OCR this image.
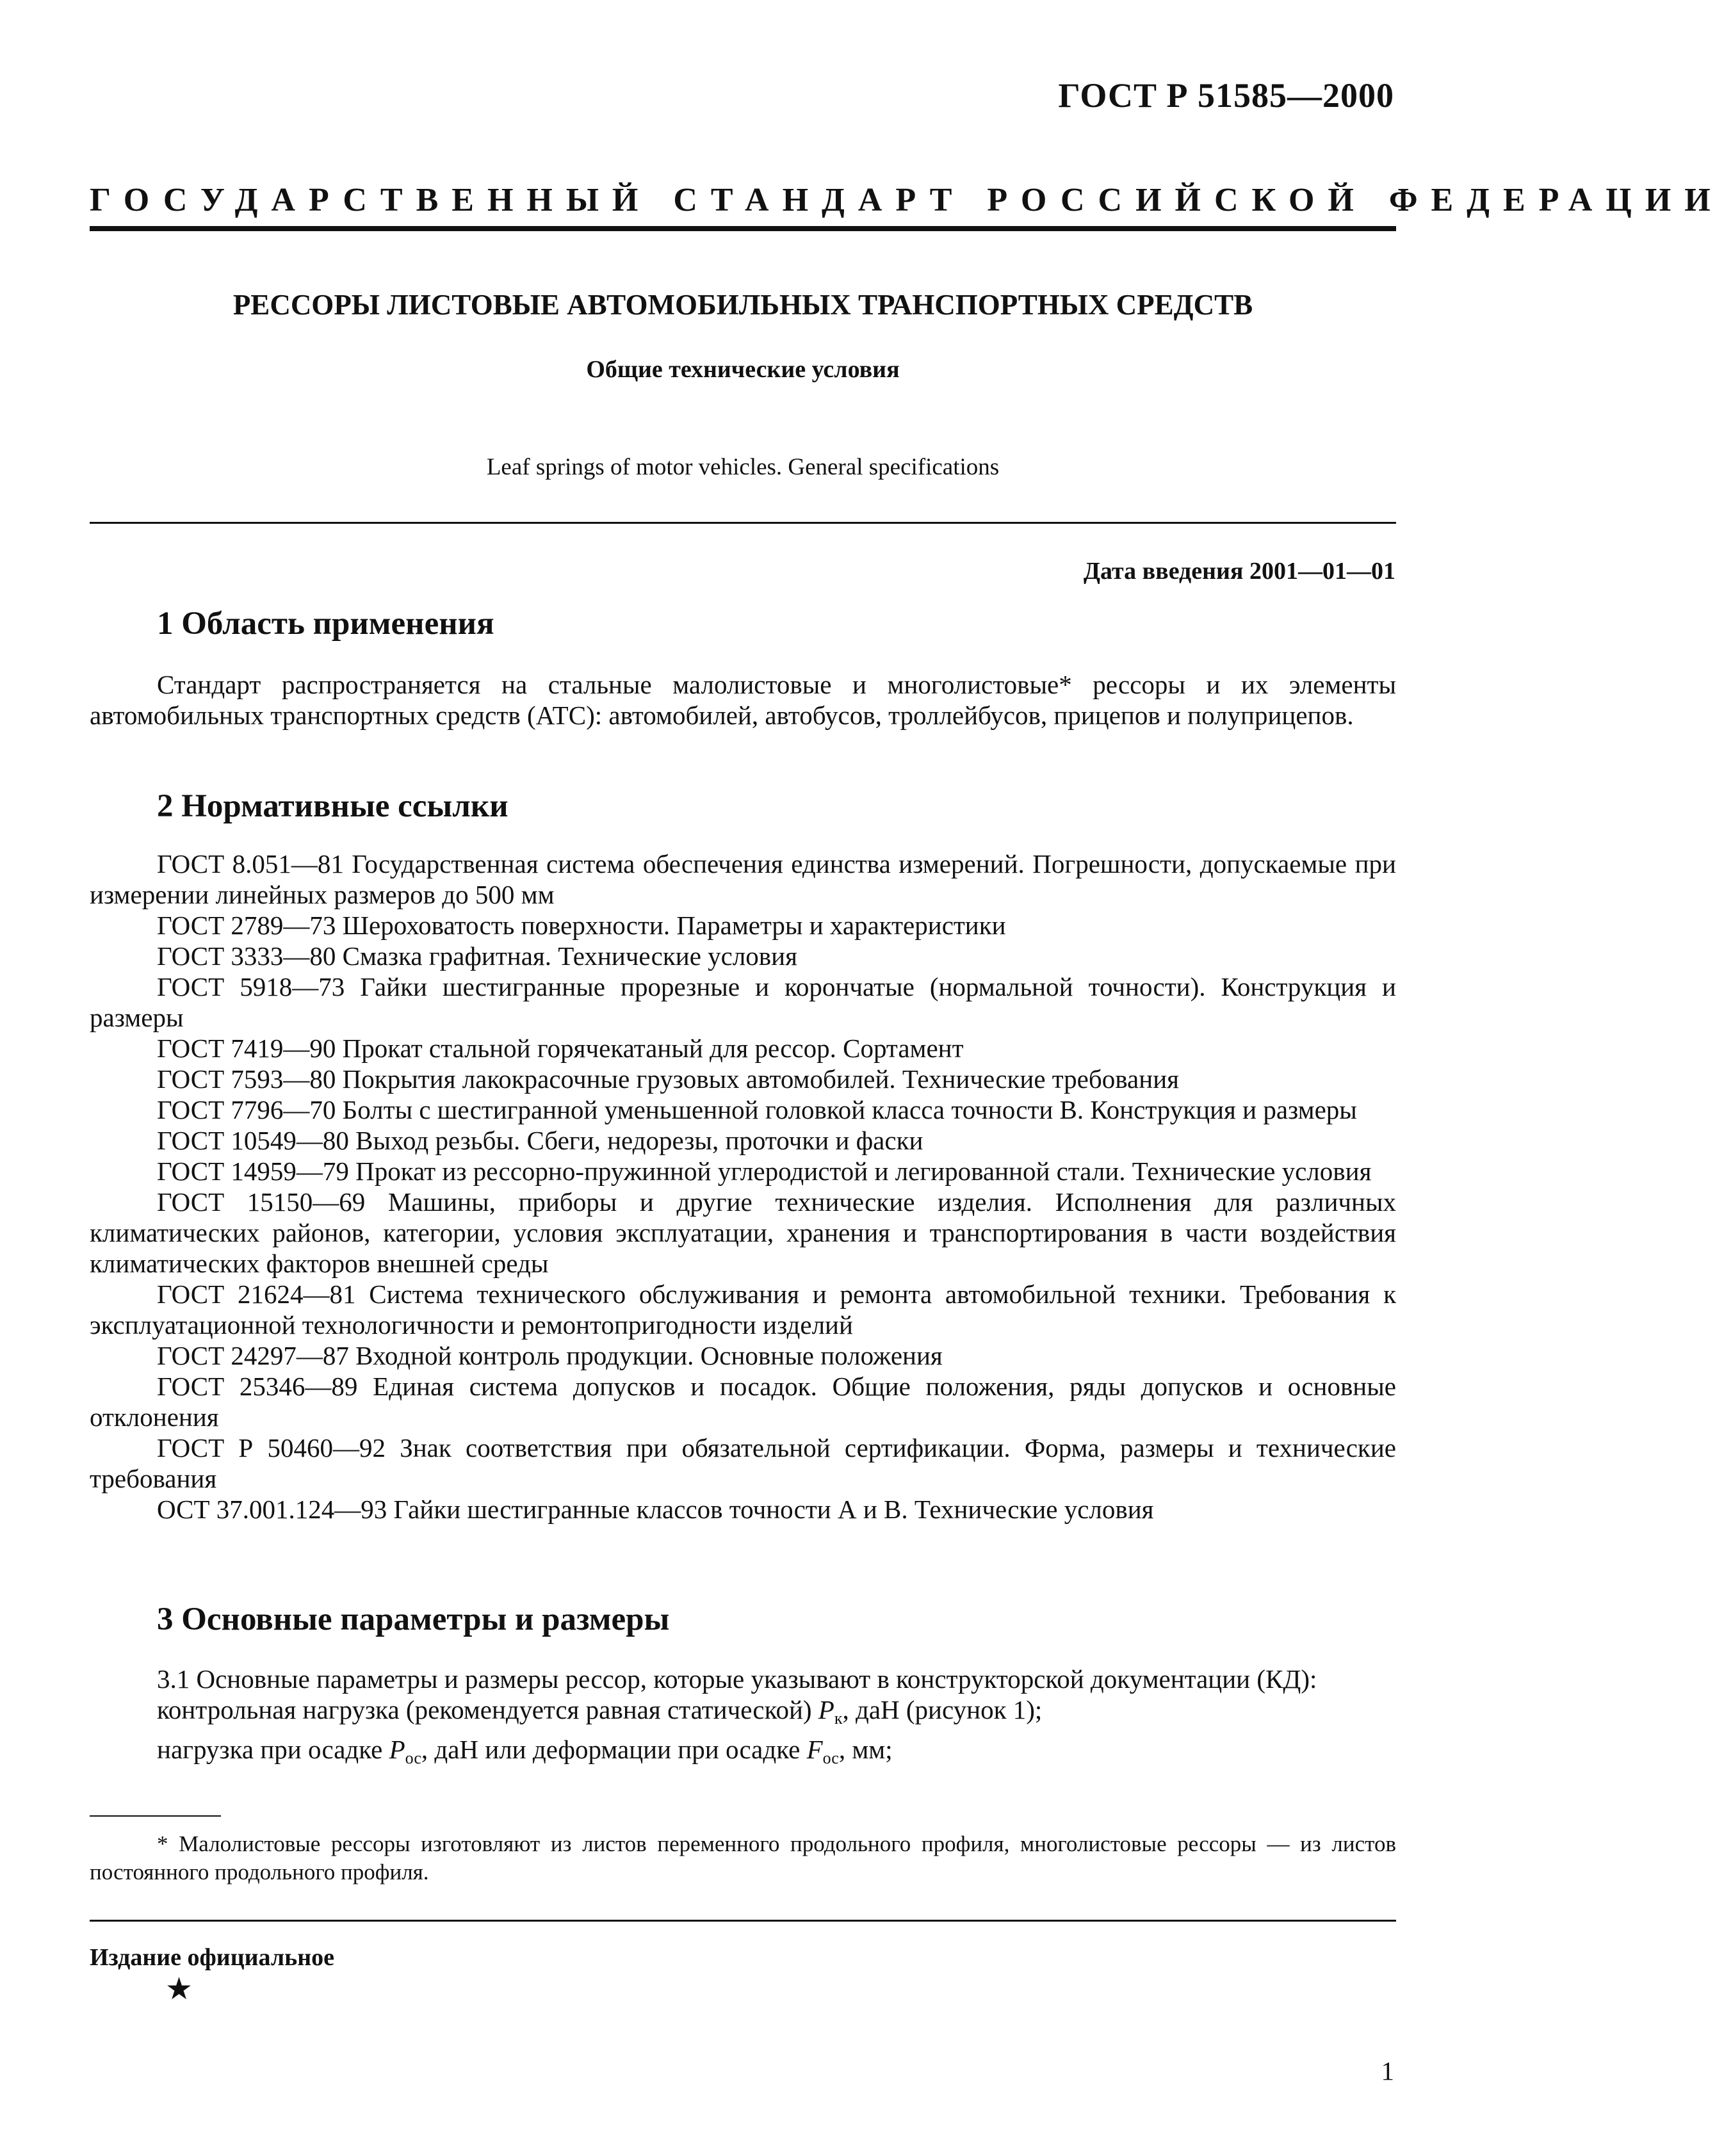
ГОСТ Р 51585—2000
ГОСУДАРСТВЕННЫЙ СТАНДАРТ РОССИЙСКОЙ ФЕДЕРАЦИИ
РЕССОРЫ ЛИСТОВЫЕ АВТОМОБИЛЬНЫХ ТРАНСПОРТНЫХ СРЕДСТВ
Общие технические условия
Leaf springs of motor vehicles. General specifications
Дата введения 2001—01—01
1 Область применения

Стандарт распространяется на стальные малолистовые и многолистовые* рессоры и их элементы автомобильных транспортных средств (АТС): автомобилей, автобусов, троллейбусов, прицепов и полуприцепов.

2 Нормативные ссылки

ГОСТ 8.051—81 Государственная система обеспечения единства измерений. Погрешности, допускаемые при измерении линейных размеров до 500 мм

ГОСТ 2789—73 Шероховатость поверхности. Параметры и характеристики

ГОСТ 3333—80 Смазка графитная. Технические условия

ГОСТ 5918—73 Гайки шестигранные прорезные и корончатые (нормальной точности). Конструкция и размеры

ГОСТ 7419—90 Прокат стальной горячекатаный для рессор. Сортамент

ГОСТ 7593—80 Покрытия лакокрасочные грузовых автомобилей. Технические требования

ГОСТ 7796—70 Болты с шестигранной уменьшенной головкой класса точности В. Конструкция и размеры

ГОСТ 10549—80 Выход резьбы. Сбеги, недорезы, проточки и фаски

ГОСТ 14959—79 Прокат из рессорно-пружинной углеродистой и легированной стали. Технические условия

ГОСТ 15150—69 Машины, приборы и другие технические изделия. Исполнения для различных климатических районов, категории, условия эксплуатации, хранения и транспортирования в части воздействия климатических факторов внешней среды

ГОСТ 21624—81 Система технического обслуживания и ремонта автомобильной техники. Требования к эксплуатационной технологичности и ремонтопригодности изделий

ГОСТ 24297—87 Входной контроль продукции. Основные положения

ГОСТ 25346—89 Единая система допусков и посадок. Общие положения, ряды допусков и основные отклонения

ГОСТ Р 50460—92 Знак соответствия при обязательной сертификации. Форма, размеры и технические требования

ОСТ 37.001.124—93 Гайки шестигранные классов точности А и В. Технические условия

3 Основные параметры и размеры

3.1 Основные параметры и размеры рессор, которые указывают в конструкторской документации (КД):

контрольная нагрузка (рекомендуется равная статической) $P_к$, даН (рисунок 1);

нагрузка при осадке $P_{ос}$, даН или деформации при осадке $F_{ос}$, мм;

* Малолистовые рессоры изготовляют из листов переменного продольного профиля, многолистовые рессоры — из листов постоянного продольного профиля.

Издание официальное
★
1
